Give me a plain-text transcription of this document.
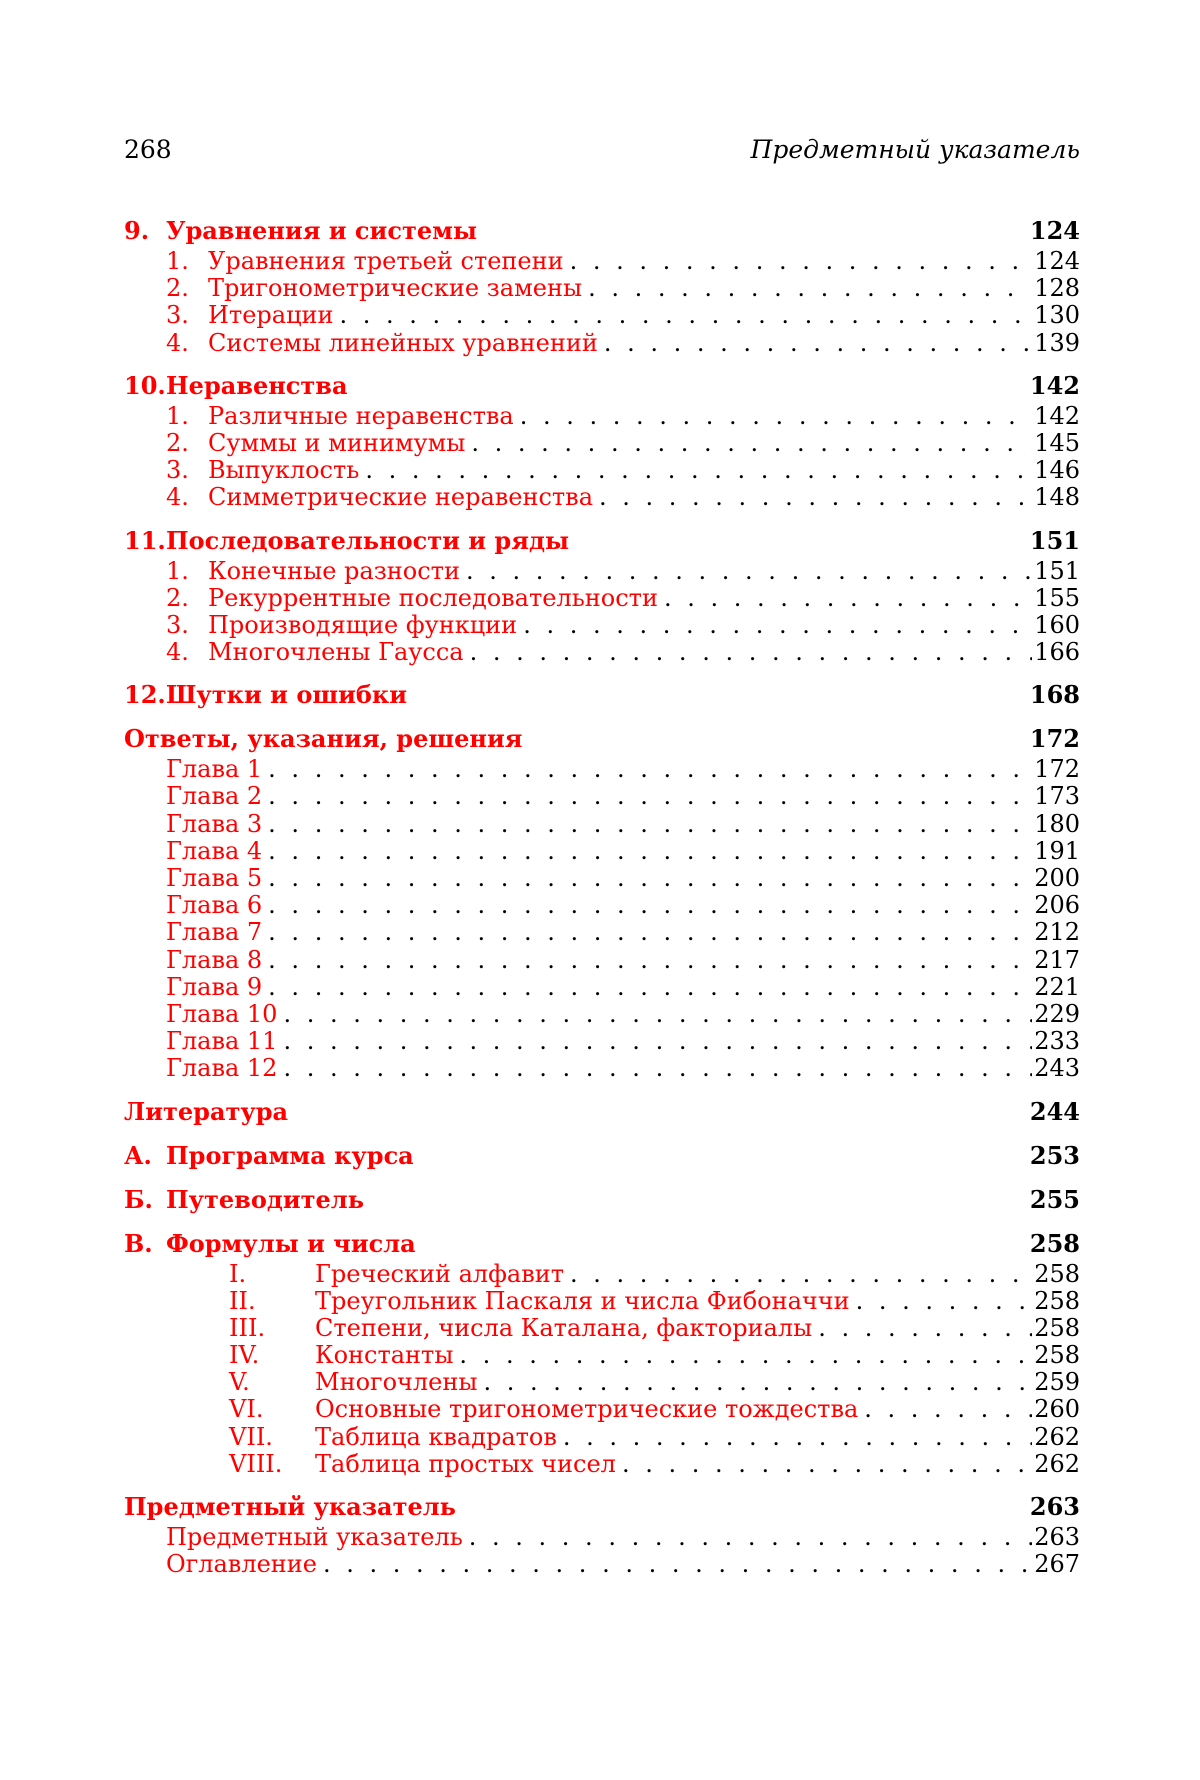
268	Предметный указатель
9. Уравнения и системы	124
1. Уравнения третьей степени
. . .	124
2. Тригонометрические замены
. . .	128
3. Итерации
. . .	130
4. Системы линейных уравнений
. . .	139
10. Неравенства	142
1. Различные неравенства
. . .	142
2. Суммы и минимумы
. . .	145
3. Выпуклость
. . .	146
4. Симметрические неравенства
. . .	148
11. Последовательности и ряды	151
1. Конечные разности
. . .	151
2. Рекуррентные последовательности
. . .	155
3. Производящие функции
. . .	160
4. Многочлены Гаусса
. . .	166
12. Шутки и ошибки	168
Ответы, указания, решения	172
Глава 1
. . .	172
Глава 2
. . .	173
Глава 3
. . .	180
Глава 4
. . .	191
Глава 5
. . .	200
Глава 6
. . .	206
Глава 7
. . .	212
Глава 8
. . .	217
Глава 9
. . .	221
Глава 10
. . .	229
Глава 11
. . .	233
Глава 12
. . .	243
Литература	244
А. Программа курса	253
Б. Путеводитель	255
В. Формулы и числа	258
I.	Греческий алфавит
. . .	258
II.	Треугольник Паскаля и числа Фибоначчи
. . .	258
III.	Степени, числа Каталана, факториалы
. . .	258
IV.	Константы
. . .	258
V.	Многочлены
. . .	259
VI.	Основные тригонометрические тождества
. . .	260
VII.	Таблица квадратов
. . .	262
VIII.	Таблица простых чисел
. . .	262
Предметный указатель	263
Предметный указатель
. . .	263
Оглавление
. . .	267
